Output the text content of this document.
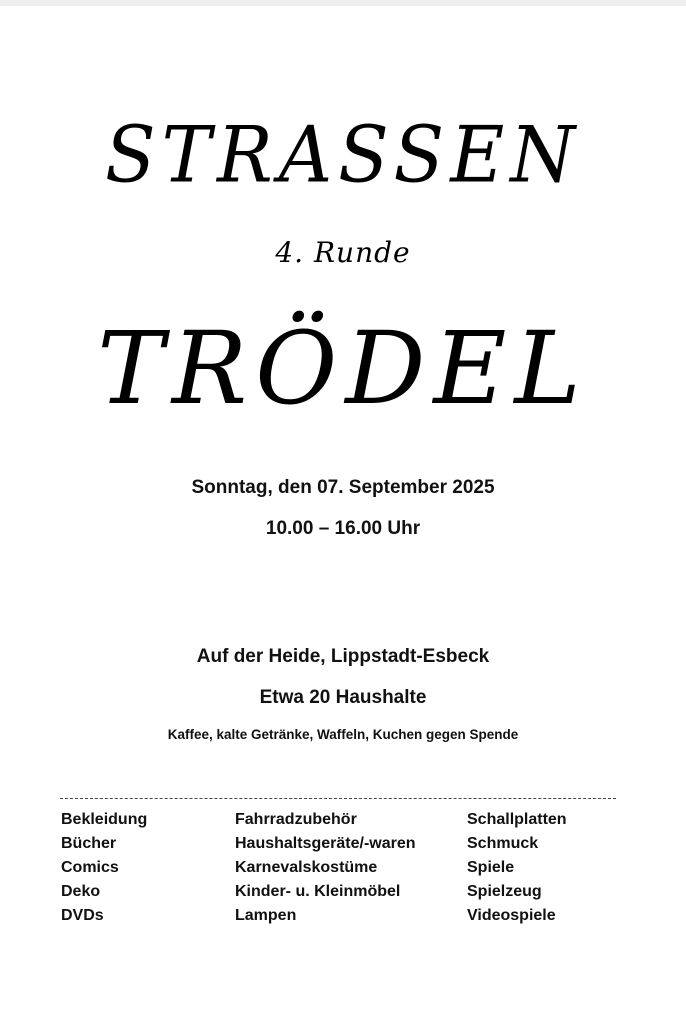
STRASSEN
4. Runde
TRÖDEL
Sonntag, den 07. September 2025
10.00 – 16.00 Uhr
Auf der Heide, Lippstadt-Esbeck
Etwa 20 Haushalte
Kaffee, kalte Getränke, Waffeln, Kuchen gegen Spende
Bekleidung
Bücher
Comics
Deko
DVDs
Fahrradzubehör
Haushaltsgeräte/-waren
Karnevalskostüme
Kinder- u. Kleinmöbel
Lampen
Schallplatten
Schmuck
Spiele
Spielzeug
Videospiele
